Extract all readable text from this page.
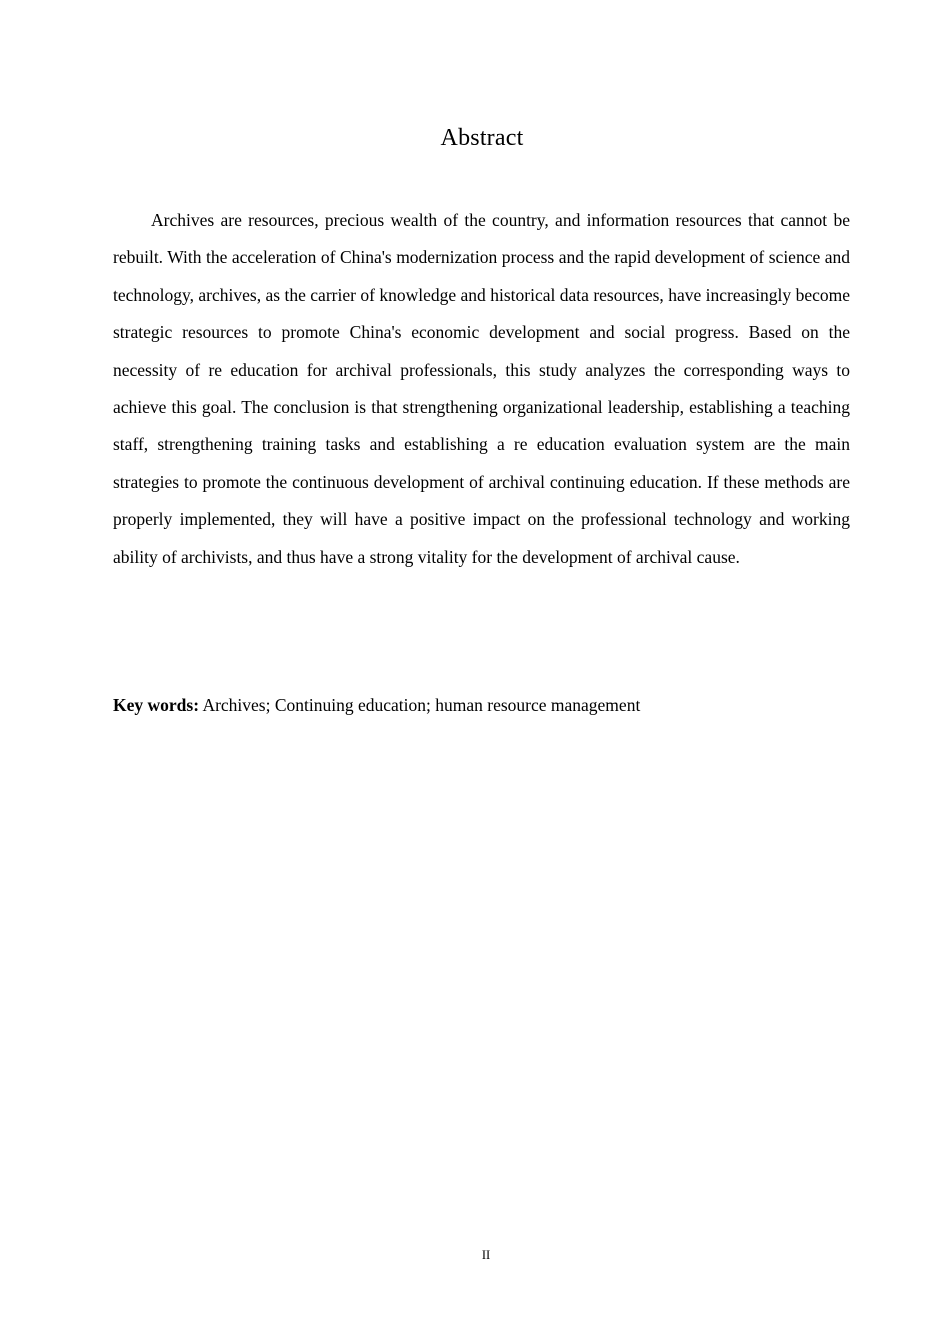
Abstract

Archives are resources, precious wealth of the country, and information resources that cannot be rebuilt. With the acceleration of China's modernization process and the rapid development of science and technology, archives, as the carrier of knowledge and historical data resources, have increasingly become strategic resources to promote China's economic development and social progress. Based on the necessity of re education for archival professionals, this study analyzes the corresponding ways to achieve this goal. The conclusion is that strengthening organizational leadership, establishing a teaching staff, strengthening training tasks and establishing a re education evaluation system are the main strategies to promote the continuous development of archival continuing education. If these methods are properly implemented, they will have a positive impact on the professional technology and working ability of archivists, and thus have a strong vitality for the development of archival cause.

Key words: Archives; Continuing education; human resource management

II
